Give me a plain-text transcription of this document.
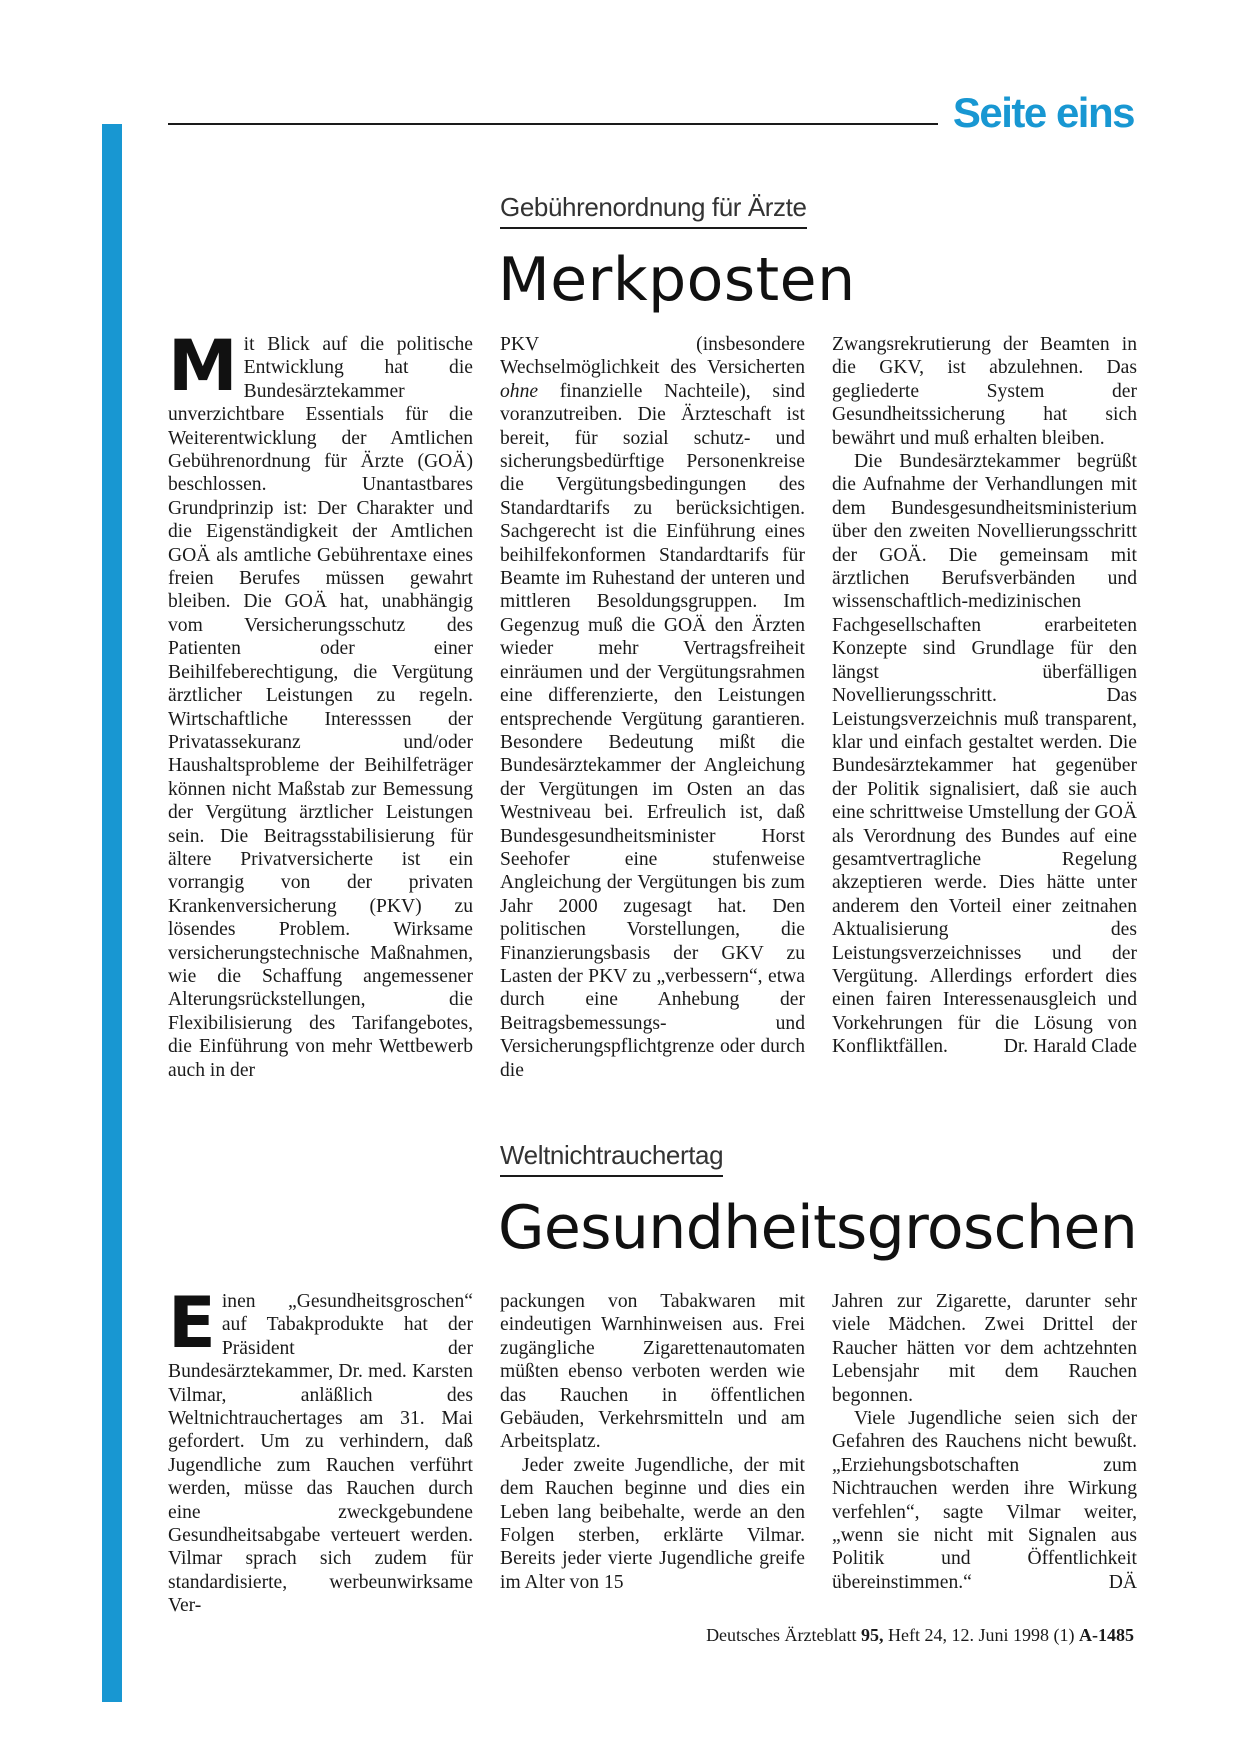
Seite eins
Gebührenordnung für Ärzte
Merkposten

Mit Blick auf die politische Entwicklung hat die Bundesärztekammer unverzichtbare Essentials für die Weiterentwicklung der Amtlichen Gebührenordnung für Ärzte (GOÄ) beschlossen. Unantastbares Grundprinzip ist: Der Charakter und die Eigenständigkeit der Amtlichen GOÄ als amtliche Gebührentaxe eines freien Berufes müssen gewahrt bleiben. Die GOÄ hat, unabhängig vom Versicherungsschutz des Patienten oder einer Beihilfeberechtigung, die Vergütung ärztlicher Leistungen zu regeln. Wirtschaftliche Interesssen der Privatassekuranz und/oder Haushaltsprobleme der Beihilfeträger können nicht Maßstab zur Bemessung der Vergütung ärztlicher Leistungen sein. Die Beitragsstabilisierung für ältere Privatversicherte ist ein vorrangig von der privaten Krankenversicherung (PKV) zu lösendes Problem. Wirksame versicherungstechnische Maßnahmen, wie die Schaffung angemessener Alterungsrückstellungen, die Flexibilisierung des Tarifangebotes, die Einführung von mehr Wettbewerb auch in der

PKV (insbesondere Wechselmöglichkeit des Versicherten ohne finanzielle Nachteile), sind voranzutreiben. Die Ärzteschaft ist bereit, für sozial schutz- und sicherungsbedürftige Personenkreise die Vergütungsbedingungen des Standardtarifs zu berücksichtigen. Sachgerecht ist die Einführung eines beihilfekonformen Standardtarifs für Beamte im Ruhestand der unteren und mittleren Besoldungsgruppen. Im Gegenzug muß die GOÄ den Ärzten wieder mehr Vertragsfreiheit einräumen und der Vergütungsrahmen eine differenzierte, den Leistungen entsprechende Vergütung garantieren. Besondere Bedeutung mißt die Bundesärztekammer der Angleichung der Vergütungen im Osten an das Westniveau bei. Erfreulich ist, daß Bundesgesundheitsminister Horst Seehofer eine stufenweise Angleichung der Vergütungen bis zum Jahr 2000 zugesagt hat. Den politischen Vorstellungen, die Finanzierungsbasis der GKV zu Lasten der PKV zu „verbessern“, etwa durch eine Anhebung der Beitragsbemessungs- und Versicherungspflichtgrenze oder durch die

Zwangsrekrutierung der Beamten in die GKV, ist abzulehnen. Das gegliederte System der Gesundheitssicherung hat sich bewährt und muß erhalten bleiben.

Die Bundesärztekammer begrüßt die Aufnahme der Verhandlungen mit dem Bundesgesundheitsministerium über den zweiten Novellierungsschritt der GOÄ. Die gemeinsam mit ärztlichen Berufsverbänden und wissenschaftlich-medizinischen Fachgesellschaften erarbeiteten Konzepte sind Grundlage für den längst überfälligen Novellierungsschritt. Das Leistungsverzeichnis muß transparent, klar und einfach gestaltet werden. Die Bundesärztekammer hat gegenüber der Politik signalisiert, daß sie auch eine schrittweise Umstellung der GOÄ als Verordnung des Bundes auf eine gesamtvertragliche Regelung akzeptieren werde. Dies hätte unter anderem den Vorteil einer zeitnahen Aktualisierung des Leistungsverzeichnisses und der Vergütung. Allerdings erfordert dies einen fairen Interessenausgleich und Vorkehrungen für die Lösung von Konfliktfällen.	Dr. Harald Clade

Weltnichtrauchertag
Gesundheitsgroschen

Einen „Gesundheitsgroschen“ auf Tabakprodukte hat der Präsident der Bundesärztekammer, Dr. med. Karsten Vilmar, anläßlich des Weltnichtrauchertages am 31. Mai gefordert. Um zu verhindern, daß Jugendliche zum Rauchen verführt werden, müsse das Rauchen durch eine zweckgebundene Gesundheitsabgabe verteuert werden. Vilmar sprach sich zudem für standardisierte, werbeunwirksame Ver-

packungen von Tabakwaren mit eindeutigen Warnhinweisen aus. Frei zugängliche Zigarettenautomaten müßten ebenso verboten werden wie das Rauchen in öffentlichen Gebäuden, Verkehrsmitteln und am Arbeitsplatz.

Jeder zweite Jugendliche, der mit dem Rauchen beginne und dies ein Leben lang beibehalte, werde an den Folgen sterben, erklärte Vilmar. Bereits jeder vierte Jugendliche greife im Alter von 15

Jahren zur Zigarette, darunter sehr viele Mädchen. Zwei Drittel der Raucher hätten vor dem achtzehnten Lebensjahr mit dem Rauchen begonnen.

Viele Jugendliche seien sich der Gefahren des Rauchens nicht bewußt. „Erziehungsbotschaften zum Nichtrauchen werden ihre Wirkung verfehlen“, sagte Vilmar weiter, „wenn sie nicht mit Signalen aus Politik und Öffentlichkeit übereinstimmen.“	DÄ

Deutsches Ärzteblatt 95, Heft 24, 12. Juni 1998 (1) A-1485
